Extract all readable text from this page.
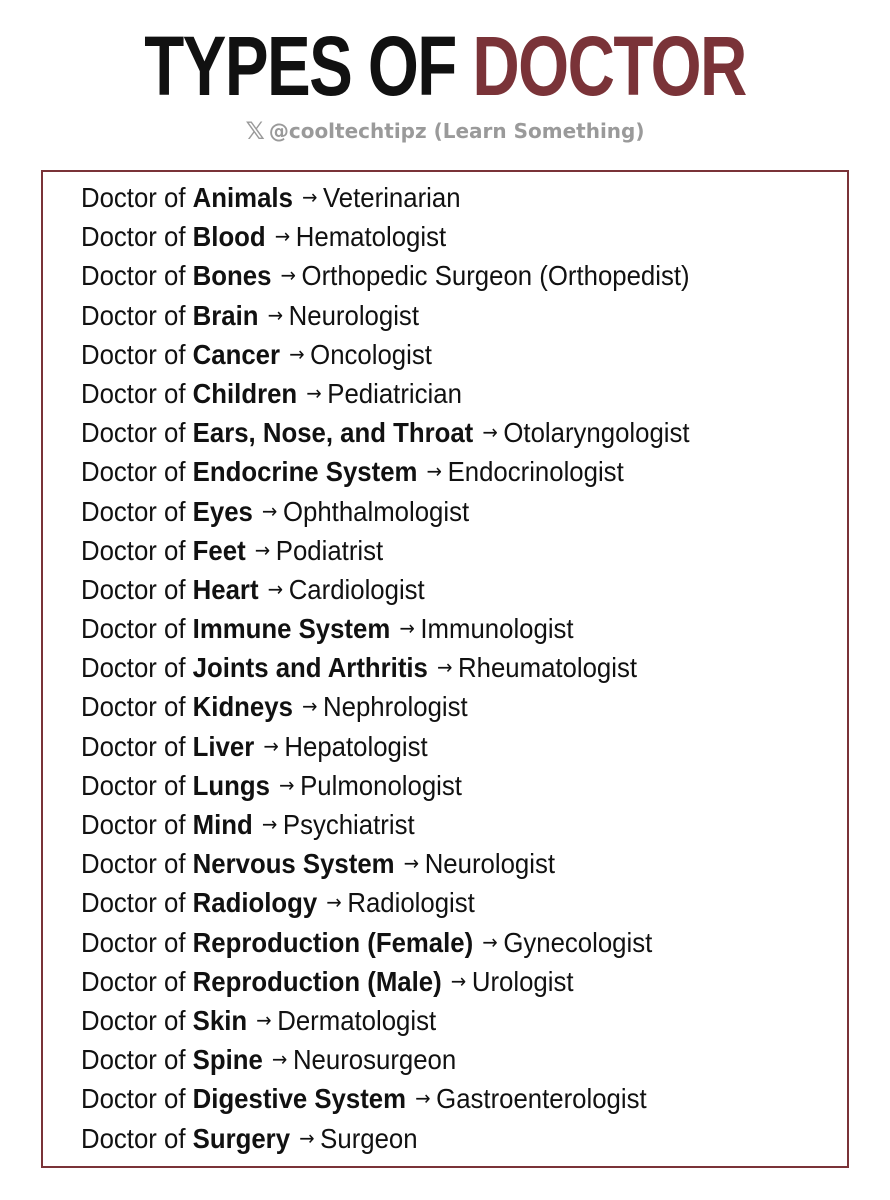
TYPES OF DOCTOR
𝕏 @cooltechtipz (Learn Something)
Doctor of Animals → Veterinarian
Doctor of Blood → Hematologist
Doctor of Bones → Orthopedic Surgeon (Orthopedist)
Doctor of Brain → Neurologist
Doctor of Cancer → Oncologist
Doctor of Children → Pediatrician
Doctor of Ears, Nose, and Throat → Otolaryngologist
Doctor of Endocrine System → Endocrinologist
Doctor of Eyes → Ophthalmologist
Doctor of Feet → Podiatrist
Doctor of Heart → Cardiologist
Doctor of Immune System → Immunologist
Doctor of Joints and Arthritis → Rheumatologist
Doctor of Kidneys → Nephrologist
Doctor of Liver → Hepatologist
Doctor of Lungs → Pulmonologist
Doctor of Mind → Psychiatrist
Doctor of Nervous System → Neurologist
Doctor of Radiology → Radiologist
Doctor of Reproduction (Female) → Gynecologist
Doctor of Reproduction (Male) → Urologist
Doctor of Skin → Dermatologist
Doctor of Spine → Neurosurgeon
Doctor of Digestive System → Gastroenterologist
Doctor of Surgery → Surgeon
